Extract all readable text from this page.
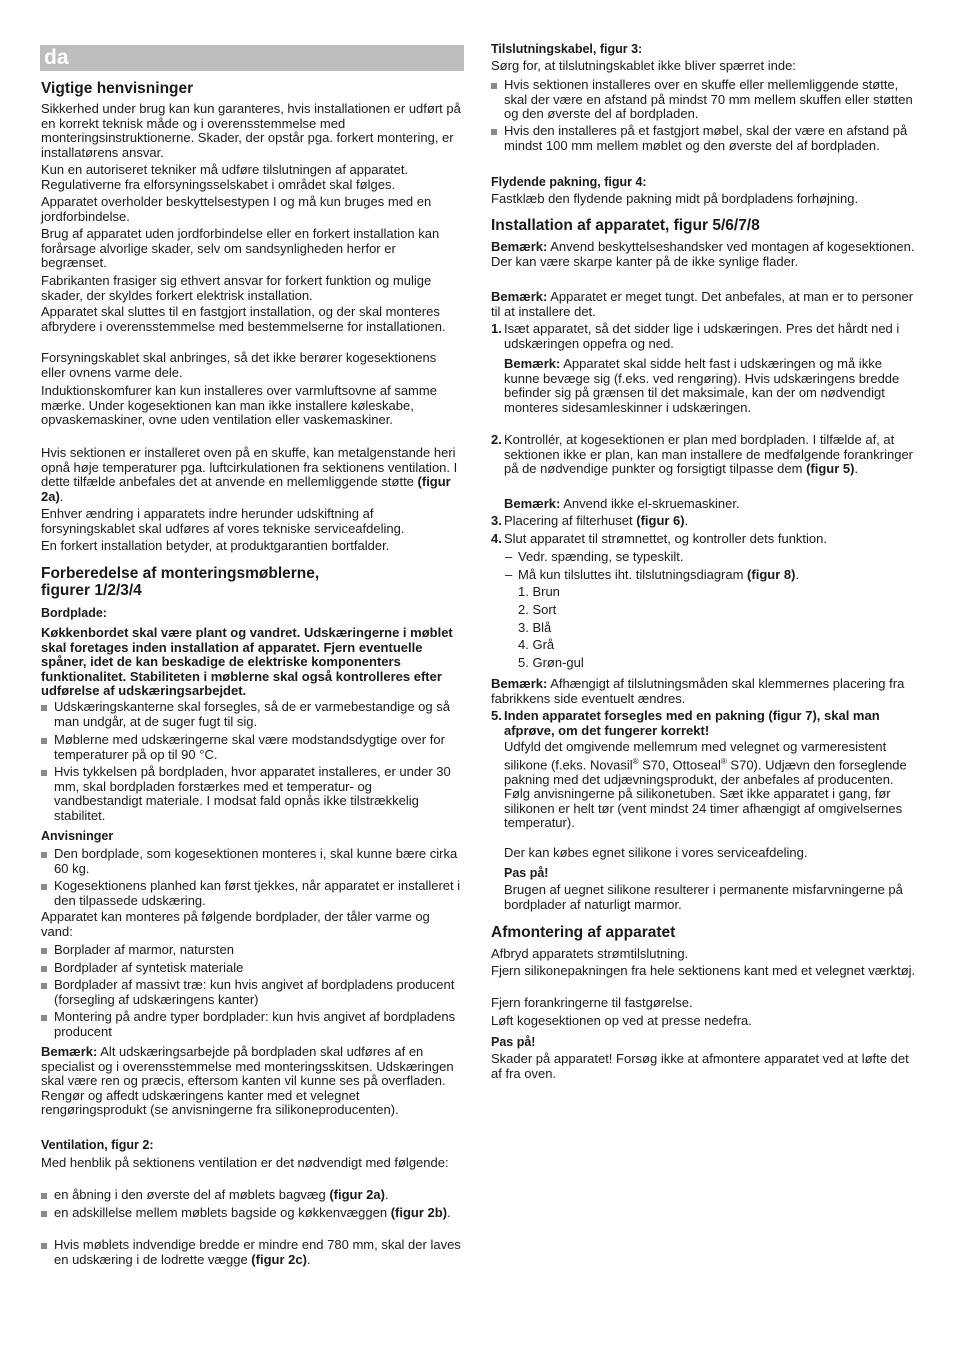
da

Vigtige henvisninger

Sikkerhed under brug kan kun garanteres, hvis installationen er udført på en korrekt teknisk måde og i overensstemmelse med monteringsinstruktionerne. Skader, der opstår pga. forkert montering, er installatørens ansvar.

Kun en autoriseret tekniker må udføre tilslutningen af apparatet. Regulativerne fra elforsyningsselskabet i området skal følges.

Apparatet overholder beskyttelsestypen I og må kun bruges med en jordforbindelse.

Brug af apparatet uden jordforbindelse eller en forkert installation kan forårsage alvorlige skader, selv om sandsynligheden herfor er begrænset.

Fabrikanten frasiger sig ethvert ansvar for forkert funktion og mulige skader, der skyldes forkert elektrisk installation.

Apparatet skal sluttes til en fastgjort installation, og der skal monteres afbrydere i overensstemmelse med bestemmelserne for installationen.

Forsyningskablet skal anbringes, så det ikke berører kogesektionens eller ovnens varme dele.

Induktionskomfurer kan kun installeres over varmluftsovne af samme mærke. Under kogesektionen kan man ikke installere køleskabe, opvaskemaskiner, ovne uden ventilation eller vaskemaskiner.

Hvis sektionen er installeret oven på en skuffe, kan metalgenstande heri opnå høje temperaturer pga. luftcirkulationen fra sektionens ventilation. I dette tilfælde anbefales det at anvende en mellemliggende støtte (figur 2a).

Enhver ændring i apparatets indre herunder udskiftning af forsyningskablet skal udføres af vores tekniske serviceafdeling.

En forkert installation betyder, at produktgarantien bortfalder.

Forberedelse af monteringsmøblerne,
figurer 1/2/3/4

Bordplade:

Køkkenbordet skal være plant og vandret. Udskæringerne i møblet skal foretages inden installation af apparatet. Fjern eventuelle spåner, idet de kan beskadige de elektriske komponenters funktionalitet. Stabiliteten i møblerne skal også kontrolleres efter udførelse af udskæringsarbejdet.

Udskæringskanterne skal forsegles, så de er varmebestandige og så man undgår, at de suger fugt til sig.

Møblerne med udskæringerne skal være modstandsdygtige over for temperaturer på op til 90 °C.

Hvis tykkelsen på bordpladen, hvor apparatet installeres, er under 30 mm, skal bordpladen forstærkes med et temperatur- og vandbestandigt materiale. I modsat fald opnås ikke tilstrækkelig stabilitet.

Anvisninger

Den bordplade, som kogesektionen monteres i, skal kunne bære cirka 60 kg.

Kogesektionens planhed kan først tjekkes, når apparatet er installeret i den tilpassede udskæring.

Apparatet kan monteres på følgende bordplader, der tåler varme og vand:

Borplader af marmor, natursten

Bordplader af syntetisk materiale

Bordplader af massivt træ: kun hvis angivet af bordpladens producent (forsegling af udskæringens kanter)

Montering på andre typer bordplader: kun hvis angivet af bordpladens producent

Bemærk: Alt udskæringsarbejde på bordpladen skal udføres af en specialist og i overensstemmelse med monteringsskitsen. Udskæringen skal være ren og præcis, eftersom kanten vil kunne ses på overfladen. Rengør og affedt udskæringens kanter med et velegnet rengøringsprodukt (se anvisningerne fra silikoneproducenten).

Ventilation, figur 2:

Med henblik på sektionens ventilation er det nødvendigt med følgende:

en åbning i den øverste del af møblets bagvæg (figur 2a).

en adskillelse mellem møblets bagside og køkkenvæggen (figur 2b).

Hvis møblets indvendige bredde er mindre end 780 mm, skal der laves en udskæring i de lodrette vægge (figur 2c).

Tilslutningskabel, figur 3:

Sørg for, at tilslutningskablet ikke bliver spærret inde:

Hvis sektionen installeres over en skuffe eller mellemliggende støtte, skal der være en afstand på mindst 70 mm mellem skuffen eller støtten og den øverste del af bordpladen.

Hvis den installeres på et fastgjort møbel, skal der være en afstand på mindst 100 mm mellem møblet og den øverste del af bordpladen.

Flydende pakning, figur 4:

Fastklæb den flydende pakning midt på bordpladens forhøjning.

Installation af apparatet, figur 5/6/7/8

Bemærk: Anvend beskyttelseshandsker ved montagen af kogesektionen. Der kan være skarpe kanter på de ikke synlige flader.

Bemærk: Apparatet er meget tungt. Det anbefales, at man er to personer til at installere det.

1. Isæt apparatet, så det sidder lige i udskæringen. Pres det hårdt ned i udskæringen oppefra og ned.

Bemærk: Apparatet skal sidde helt fast i udskæringen og må ikke kunne bevæge sig (f.eks. ved rengøring). Hvis udskæringens bredde befinder sig på grænsen til det maksimale, kan der om nødvendigt monteres sidesamleskinner i udskæringen.

2. Kontrollér, at kogesektionen er plan med bordpladen. I tilfælde af, at sektionen ikke er plan, kan man installere de medfølgende forankringer på de nødvendige punkter og forsigtigt tilpasse dem (figur 5).

Bemærk: Anvend ikke el-skruemaskiner.

3. Placering af filterhuset (figur 6).

4. Slut apparatet til strømnettet, og kontroller dets funktion.

– Vedr. spænding, se typeskilt.

– Må kun tilsluttes iht. tilslutningsdiagram (figur 8).

1. Brun

2. Sort

3. Blå

4. Grå

5. Grøn-gul

Bemærk: Afhængigt af tilslutningsmåden skal klemmernes placering fra fabrikkens side eventuelt ændres.

5. Inden apparatet forsegles med en pakning (figur 7), skal man afprøve, om det fungerer korrekt!

Udfyld det omgivende mellemrum med velegnet og varmeresistent silikone (f.eks. Novasil® S70, Ottoseal® S70). Udjævn den forseglende pakning med det udjævningsprodukt, der anbefales af producenten. Følg anvisningerne på silikonetuben. Sæt ikke apparatet i gang, før silikonen er helt tør (vent mindst 24 timer afhængigt af omgivelsernes temperatur).

Der kan købes egnet silikone i vores serviceafdeling.

Pas på!

Brugen af uegnet silikone resulterer i permanente misfarvningerne på bordplader af naturligt marmor.

Afmontering af apparatet

Afbryd apparatets strømtilslutning.

Fjern silikonepakningen fra hele sektionens kant med et velegnet værktøj.

Fjern forankringerne til fastgørelse.

Løft kogesektionen op ved at presse nedefra.

Pas på!

Skader på apparatet! Forsøg ikke at afmontere apparatet ved at løfte det af fra oven.
